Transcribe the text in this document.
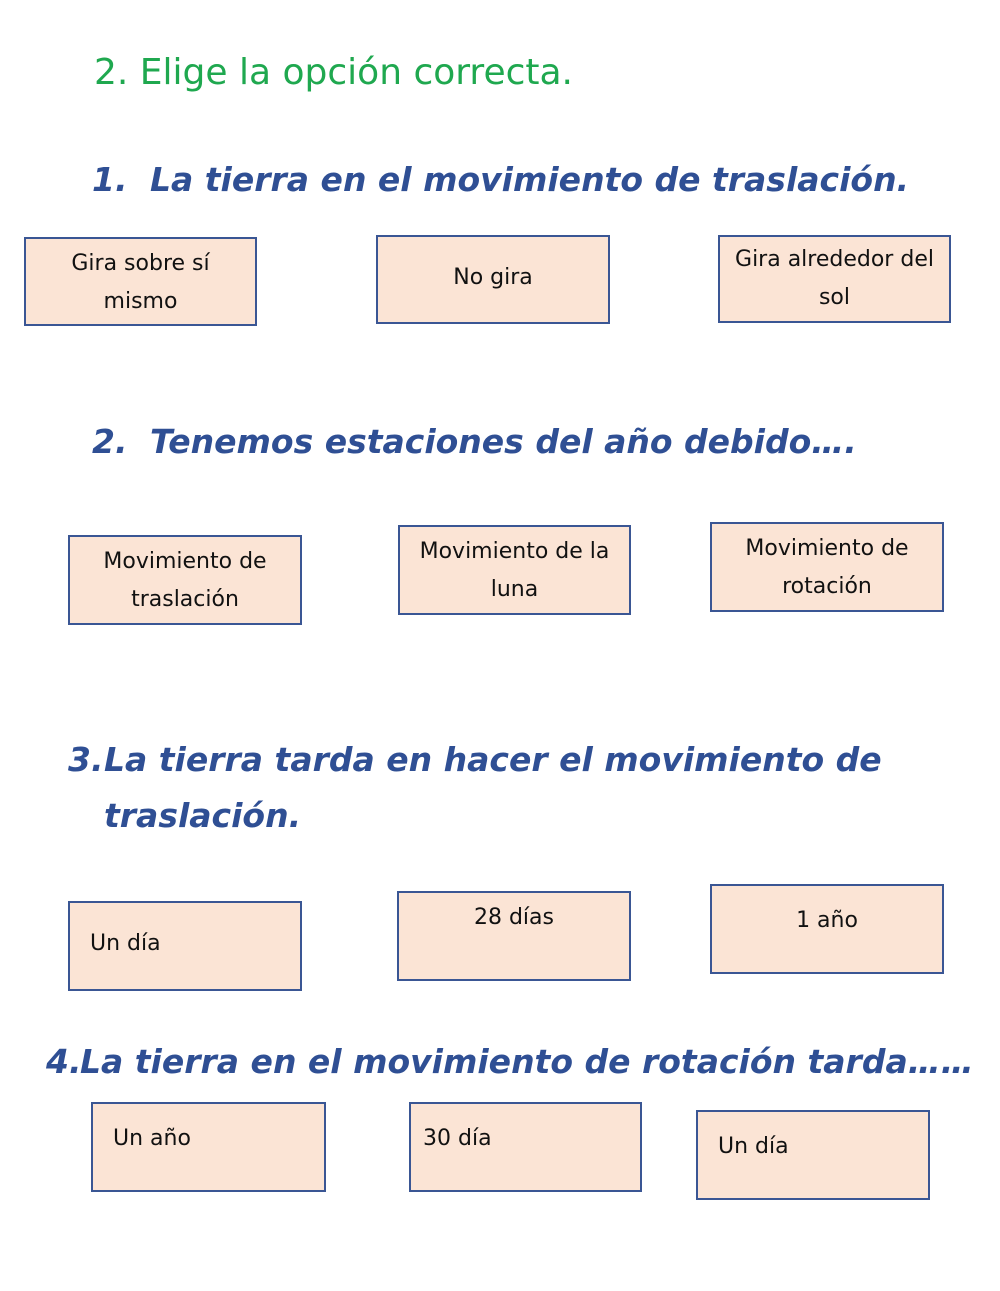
2. Elige la opción correcta.
1. La tierra en el movimiento de traslación.
Gira sobre sí mismo
No gira
Gira alrededor del sol
2. Tenemos estaciones del año debido….
Movimiento de traslación
Movimiento de la luna
Movimiento de rotación
3.La tierra tarda en hacer el movimiento de
traslación.
Un día
28 días	1 año
4.La tierra en el movimiento de rotación tarda……
Un año	30 día	Un día
